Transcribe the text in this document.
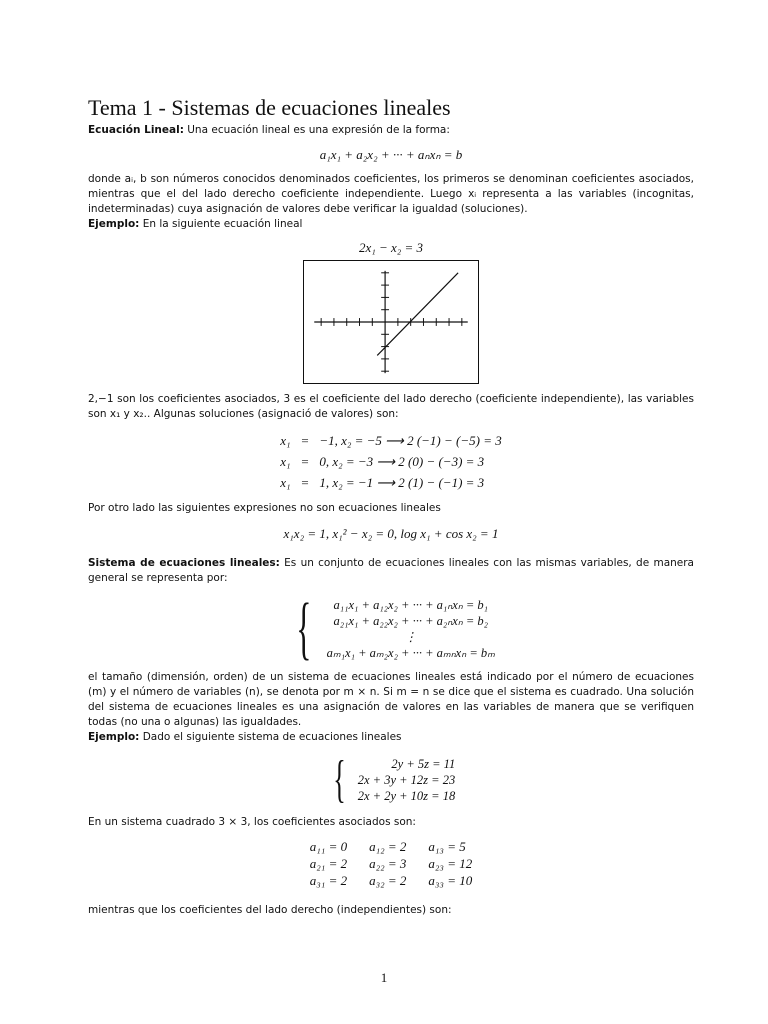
Tema 1 - Sistemas de ecuaciones lineales
Ecuación Lineal: Una ecuación lineal es una expresión de la forma:
a₁x₁ + a₂x₂ + ··· + aₙxₙ = b
donde aᵢ, b son números conocidos denominados coeficientes, los primeros se denominan coeficientes asociados, mientras que el del lado derecho coeficiente independiente. Luego xᵢ representa a las variables (incognitas, indeterminadas) cuya asignación de valores debe verificar la igualdad (soluciones).
Ejemplo: En la siguiente ecuación lineal
2x₁ − x₂ = 3
2,−1 son los coeficientes asociados, 3 es el coeficiente del lado derecho (coeficiente independiente), las variables son x₁ y x₂.. Algunas soluciones (asignació de valores) son:
x₁	=	−1, x₂ = −5 ⟶ 2 (−1) − (−5) = 3
x₁	=	0, x₂ = −3 ⟶ 2 (0) − (−3) = 3
x₁	=	1, x₂ = −1 ⟶ 2 (1) − (−1) = 3
Por otro lado las siguientes expresiones no son ecuaciones lineales
x₁x₂ = 1, x₁² − x₂ = 0, log x₁ + cos x₂ = 1
Sistema de ecuaciones lineales: Es un conjunto de ecuaciones lineales con las mismas variables, de manera general se representa por:
{	a₁₁x₁ + a₁₂x₂ + ··· + a₁ₙxₙ = b₁
a₂₁x₁ + a₂₂x₂ + ··· + a₂ₙxₙ = b₂
⋮
aₘ₁x₁ + aₘ₂x₂ + ··· + aₘₙxₙ = bₘ
el tamaño (dimensión, orden) de un sistema de ecuaciones lineales está indicado por el número de ecuaciones (m) y el número de variables (n), se denota por m × n. Si m = n se dice que el sistema es cuadrado. Una solución del sistema de ecuaciones lineales es una asignación de valores en las variables de manera que se verifiquen todas (no una o algunas) las igualdades.
Ejemplo: Dado el siguiente sistema de ecuaciones lineales
{	2y + 5z = 11
2x + 3y + 12z = 23
2x + 2y + 10z = 18
En un sistema cuadrado 3 × 3, los coeficientes asociados son:
a₁₁ = 0 a₁₂ = 2 a₁₃ = 5
a₂₁ = 2 a₂₂ = 3 a₂₃ = 12
a₃₁ = 2 a₃₂ = 2 a₃₃ = 10
mientras que los coeficientes del lado derecho (independientes) son:
1
